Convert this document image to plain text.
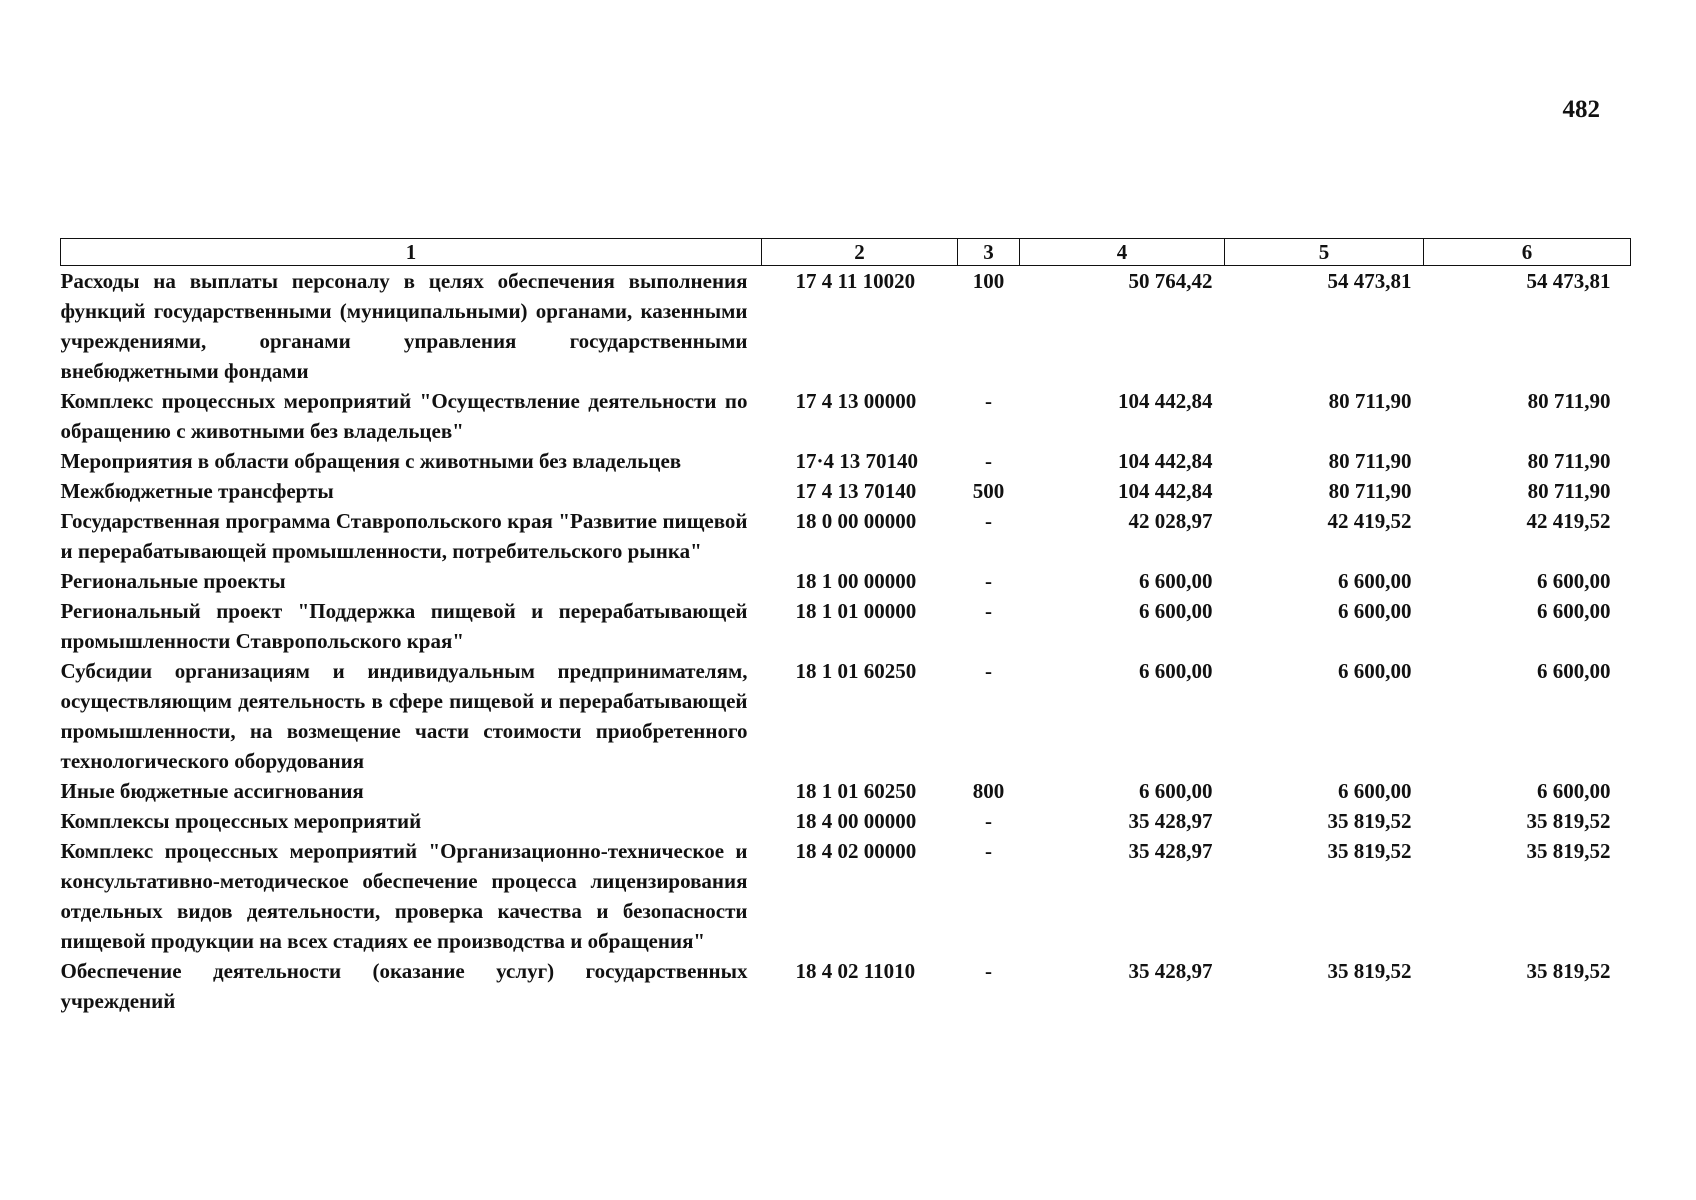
482
1	2	3	4	5	6
Расходы на выплаты персоналу в целях обеспечения выполнения функций государственными (муниципальными) органами, казенными учреждениями, органами управления государственными внебюджетными фондами	17 4 11 10020	100	50 764,42	54 473,81	54 473,81
Комплекс процессных мероприятий "Осуществление деятельности по обращению с животными без владельцев"	17 4 13 00000	-	104 442,84	80 711,90	80 711,90
Мероприятия в области обращения с животными без владельцев	17·4 13 70140	-	104 442,84	80 711,90	80 711,90
Межбюджетные трансферты	17 4 13 70140	500	104 442,84	80 711,90	80 711,90
Государственная программа Ставропольского края "Развитие пищевой и перерабатывающей промышленности, потребительского рынка"	18 0 00 00000	-	42 028,97	42 419,52	42 419,52
Региональные проекты	18 1 00 00000	-	6 600,00	6 600,00	6 600,00
Региональный проект "Поддержка пищевой и перерабатывающей промышленности Ставропольского края"	18 1 01 00000	-	6 600,00	6 600,00	6 600,00
Субсидии организациям и индивидуальным предпринимателям, осуществляющим деятельность в сфере пищевой и перерабатывающей промышленности, на возмещение части стоимости приобретенного технологического оборудования	18 1 01 60250	-	6 600,00	6 600,00	6 600,00
Иные бюджетные ассигнования	18 1 01 60250	800	6 600,00	6 600,00	6 600,00
Комплексы процессных мероприятий	18 4 00 00000	-	35 428,97	35 819,52	35 819,52
Комплекс процессных мероприятий "Организационно-техническое и консультативно-методическое обеспечение процесса лицензирования отдельных видов деятельности, проверка качества и безопасности пищевой продукции на всех стадиях ее производства и обращения"	18 4 02 00000	-	35 428,97	35 819,52	35 819,52
Обеспечение деятельности (оказание услуг) государственных учреждений	18 4 02 11010	-	35 428,97	35 819,52	35 819,52
